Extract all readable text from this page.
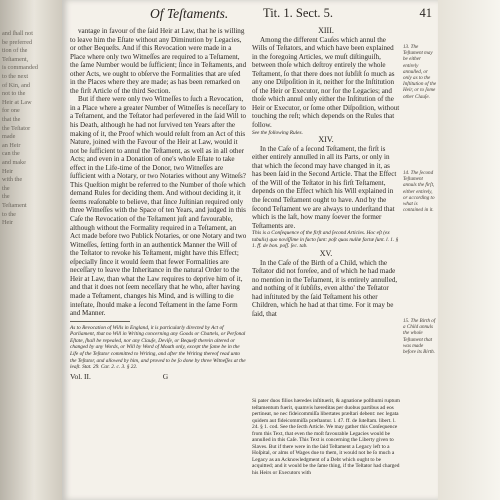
and ſhall not
be preferred
tion of the
Teſtament,
is commanded
to the next
of Kin, and
not to the
Heir at Law
for one
that the
the Teſtator
made
an Heir
can the
and make
Heir
with the
the
the
Teſtament
to the
Heir
Of Teſtaments.	Tit. 1. Sect. 5.	41

vantage in favour of the ſaid Heir at Law, that he is willing to leave him the Eſtate without any Diminution by Legacies, or other Bequeſts. And if this Revocation were made in a Place where only two Witneſſes are required to a Teſtament, the ſame Number would be ſufficient; ſince in Teſtaments, and other Acts, we ought to obſerve the Formalities that are uſed in the Places where they are made; as has been remarked on the firſt Article of the third Section.

But if there were only two Witneſſes to ſuch a Revocation, in a Place where a greater Number of Witneſſes is neceſſary to a Teſtament, and the Teſtator had perſevered in the ſaid Will to his Death, although he had not ſurvived ten Years after the making of it, the Proof which would reſult from an Act of this Nature, joined with the Favour of the Heir at Law, would it not be ſufficient to annul the Teſtament, as well as in all other Acts; and even in a Donation of one's whole Eſtate to take effect in the Life-time of the Donor, two Witneſſes are ſufficient with a Notary, or two Notaries without any Witneſs? This Queſtion might be referred to the Number of thoſe which demand Rules for deciding them. And without deciding it, it ſeems reaſonable to believe, that ſince Juſtinian required only three Witneſſes with the Space of ten Years, and judged in this Caſe the Revocation of the Teſtament juſt and favourable, although without the Formality required in a Teſtament, an Act made before two Publick Notaries, or one Notary and two Witneſſes, ſetting forth in an authentick Manner the Will of the Teſtator to revoke his Teſtament, might have this Effect; eſpecially ſince it would ſeem that fewer Formalities are neceſſary to leave the Inheritance in the natural Order to the Heir at Law, than what the Law requires to deprive him of it, and that it does not ſeem neceſſary that he who, after having made a Teſtament, changes his Mind, and is willing to die inteſtate, ſhould make a ſecond Teſtament in the ſame Form and Manner.

As to Revocation of Wills in England, it is particularly directed by Act of Parliament, that no Will in Writing concerning any Goods or Chattels, or Perſonal Eſtate, ſhall be repealed, nor any Clauſe, Deviſe, or Bequeſt therein altered or changed by any Words, or Will by Word of Mouth only, except the ſame be in the Life of the Teſtator committed to Writing, and after the Writing thereof read unto the Teſtator, and allowed by him, and proved to be ſo done by three Witneſſes at the leaſt. Stat. 29. Car. 2. c. 3. § 22.

Vol. II.	G

XIII.

Among the different Cauſes which annul the Wills of Teſtators, and which have been explained in the foregoing Articles, we muſt diſtinguiſh, between thoſe which deſtroy entirely the whole Teſtament, ſo that there does not ſubſiſt ſo much as any one Diſpoſition in it, neither for the Inſtitution of the Heir or Executor, nor for the Legacies; and thoſe which annul only either the Inſtitution of the Heir or Executor, or ſome other Diſpoſition, without touching the reſt; which depends on the Rules that follow.

See the following Rules.

XIV.

In the Caſe of a ſecond Teſtament, the firſt is either entirely annulled in all its Parts, or only in that which the ſecond may have changed in it, as has been ſaid in the Second Article. That the Effect of the Will of the Teſtator in his firſt Teſtament, depends on the Effect which his Will explained in the ſecond Teſtament ought to have. And by the ſecond Teſtament we are always to underſtand that which is the laſt, how many ſoever the former Teſtaments are.

This is a Conſequence of the firſt and ſecond Articles. Hoc eſt (ex tabulis) quo noviſſime in facto ſunt: poſt quas nullæ factæ ſunt. l. 1. § 1. ff. de bon. poſſ. ſec. tab.

XV.

In the Caſe of the Birth of a Child, which the Teſtator did not foreſee, and of which he had made no mention in the Teſtament, it is entirely annulled, and nothing of it ſubſiſts, even altho' the Teſtator had inſtituted by the ſaid Teſtament his other Children, which he had at that time. For it may be ſaid, that

13. The Teſtament may be either entirely annulled, or only as to the Inſtitution of the Heir, or to ſome other Clauſe.
14. The ſecond Teſtament annuls the firſt, either entirely, or according to what is contained in it.
15. The Birth of a Child annuls the whole Teſtament that was made before its Birth.
Si pater duos filios hæredes inſtituerit, & agnatione poſthumi ruptum teſtamentum fuerit, quamvis hæreditas per duobus partibus ad eos pertineat, ne nec fideicommiſſa libertates præſtari debent: nec legata quidem aut fideicommiſſa præſtantur. l. 47. ff. de ſuteſtam. libert. l. 24. § 1. cod. See the ſecth Article. We may gather this Conſequence from this Text, that even the moſt favourable Legacies would be annulled in this Caſe. This Text is concerning the Liberty given to Slaves. But if there were in the ſaid Teſtament a Legacy left to a Hoſpital, or alms of Wages due to them, it would not be ſo much a Legacy as an Acknowledgment of a Debt which ought to be acquitted; and it would be the ſame thing, if the Teſtator had charged his Heirs or Executors with
